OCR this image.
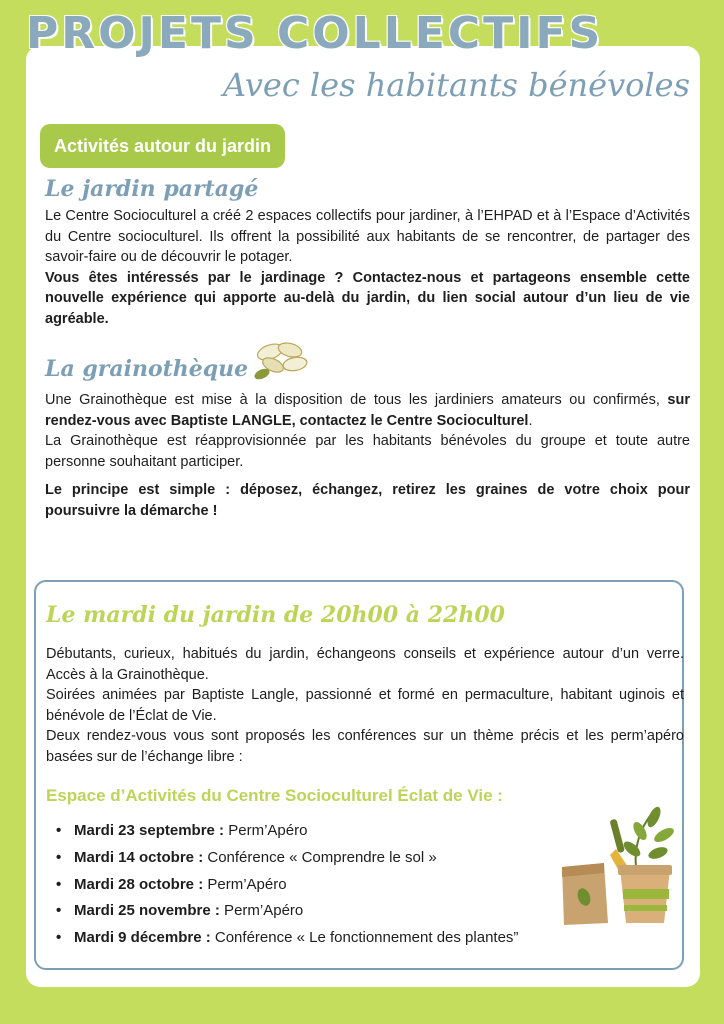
PROJETS COLLECTIFS
Avec les habitants bénévoles
Activités autour du jardin
Le jardin partagé

Le Centre Socioculturel a créé 2 espaces collectifs pour jardiner, à l’EHPAD et à l’Espace d’Activités du Centre socioculturel. Ils offrent la possibilité aux habitants de se rencontrer, de partager des savoir-faire ou de découvrir le potager.

Vous êtes intéressés par le jardinage ? Contactez-nous et partageons ensemble cette nouvelle expérience qui apporte au-delà du jardin, du lien social autour d’un lieu de vie agréable.

La grainothèque

Une Grainothèque est mise à la disposition de tous les jardiniers amateurs ou confirmés, sur rendez-vous avec Baptiste LANGLE, contactez le Centre Socioculturel.

La Grainothèque est réapprovisionnée par les habitants bénévoles du groupe et toute autre personne souhaitant participer.

Le principe est simple : déposez, échangez, retirez les graines de votre choix pour poursuivre la démarche !

Le mardi du jardin de 20h00 à 22h00

Débutants, curieux, habitués du jardin, échangeons conseils et expérience autour d’un verre. Accès à la Grainothèque.

Soirées animées par Baptiste Langle, passionné et formé en permaculture, habitant uginois et bénévole de l’Éclat de Vie.

Deux rendez-vous vous sont proposés les conférences sur un thème précis et les perm’apéro basées sur de l’échange libre :

Espace d’Activités du Centre Socioculturel Éclat de Vie :
• Mardi 23 septembre : Perm’Apéro
• Mardi 14 octobre : Conférence « Comprendre le sol »
• Mardi 28 octobre : Perm’Apéro
• Mardi 25 novembre : Perm’Apéro
• Mardi 9 décembre : Conférence « Le fonctionnement des plantes”
